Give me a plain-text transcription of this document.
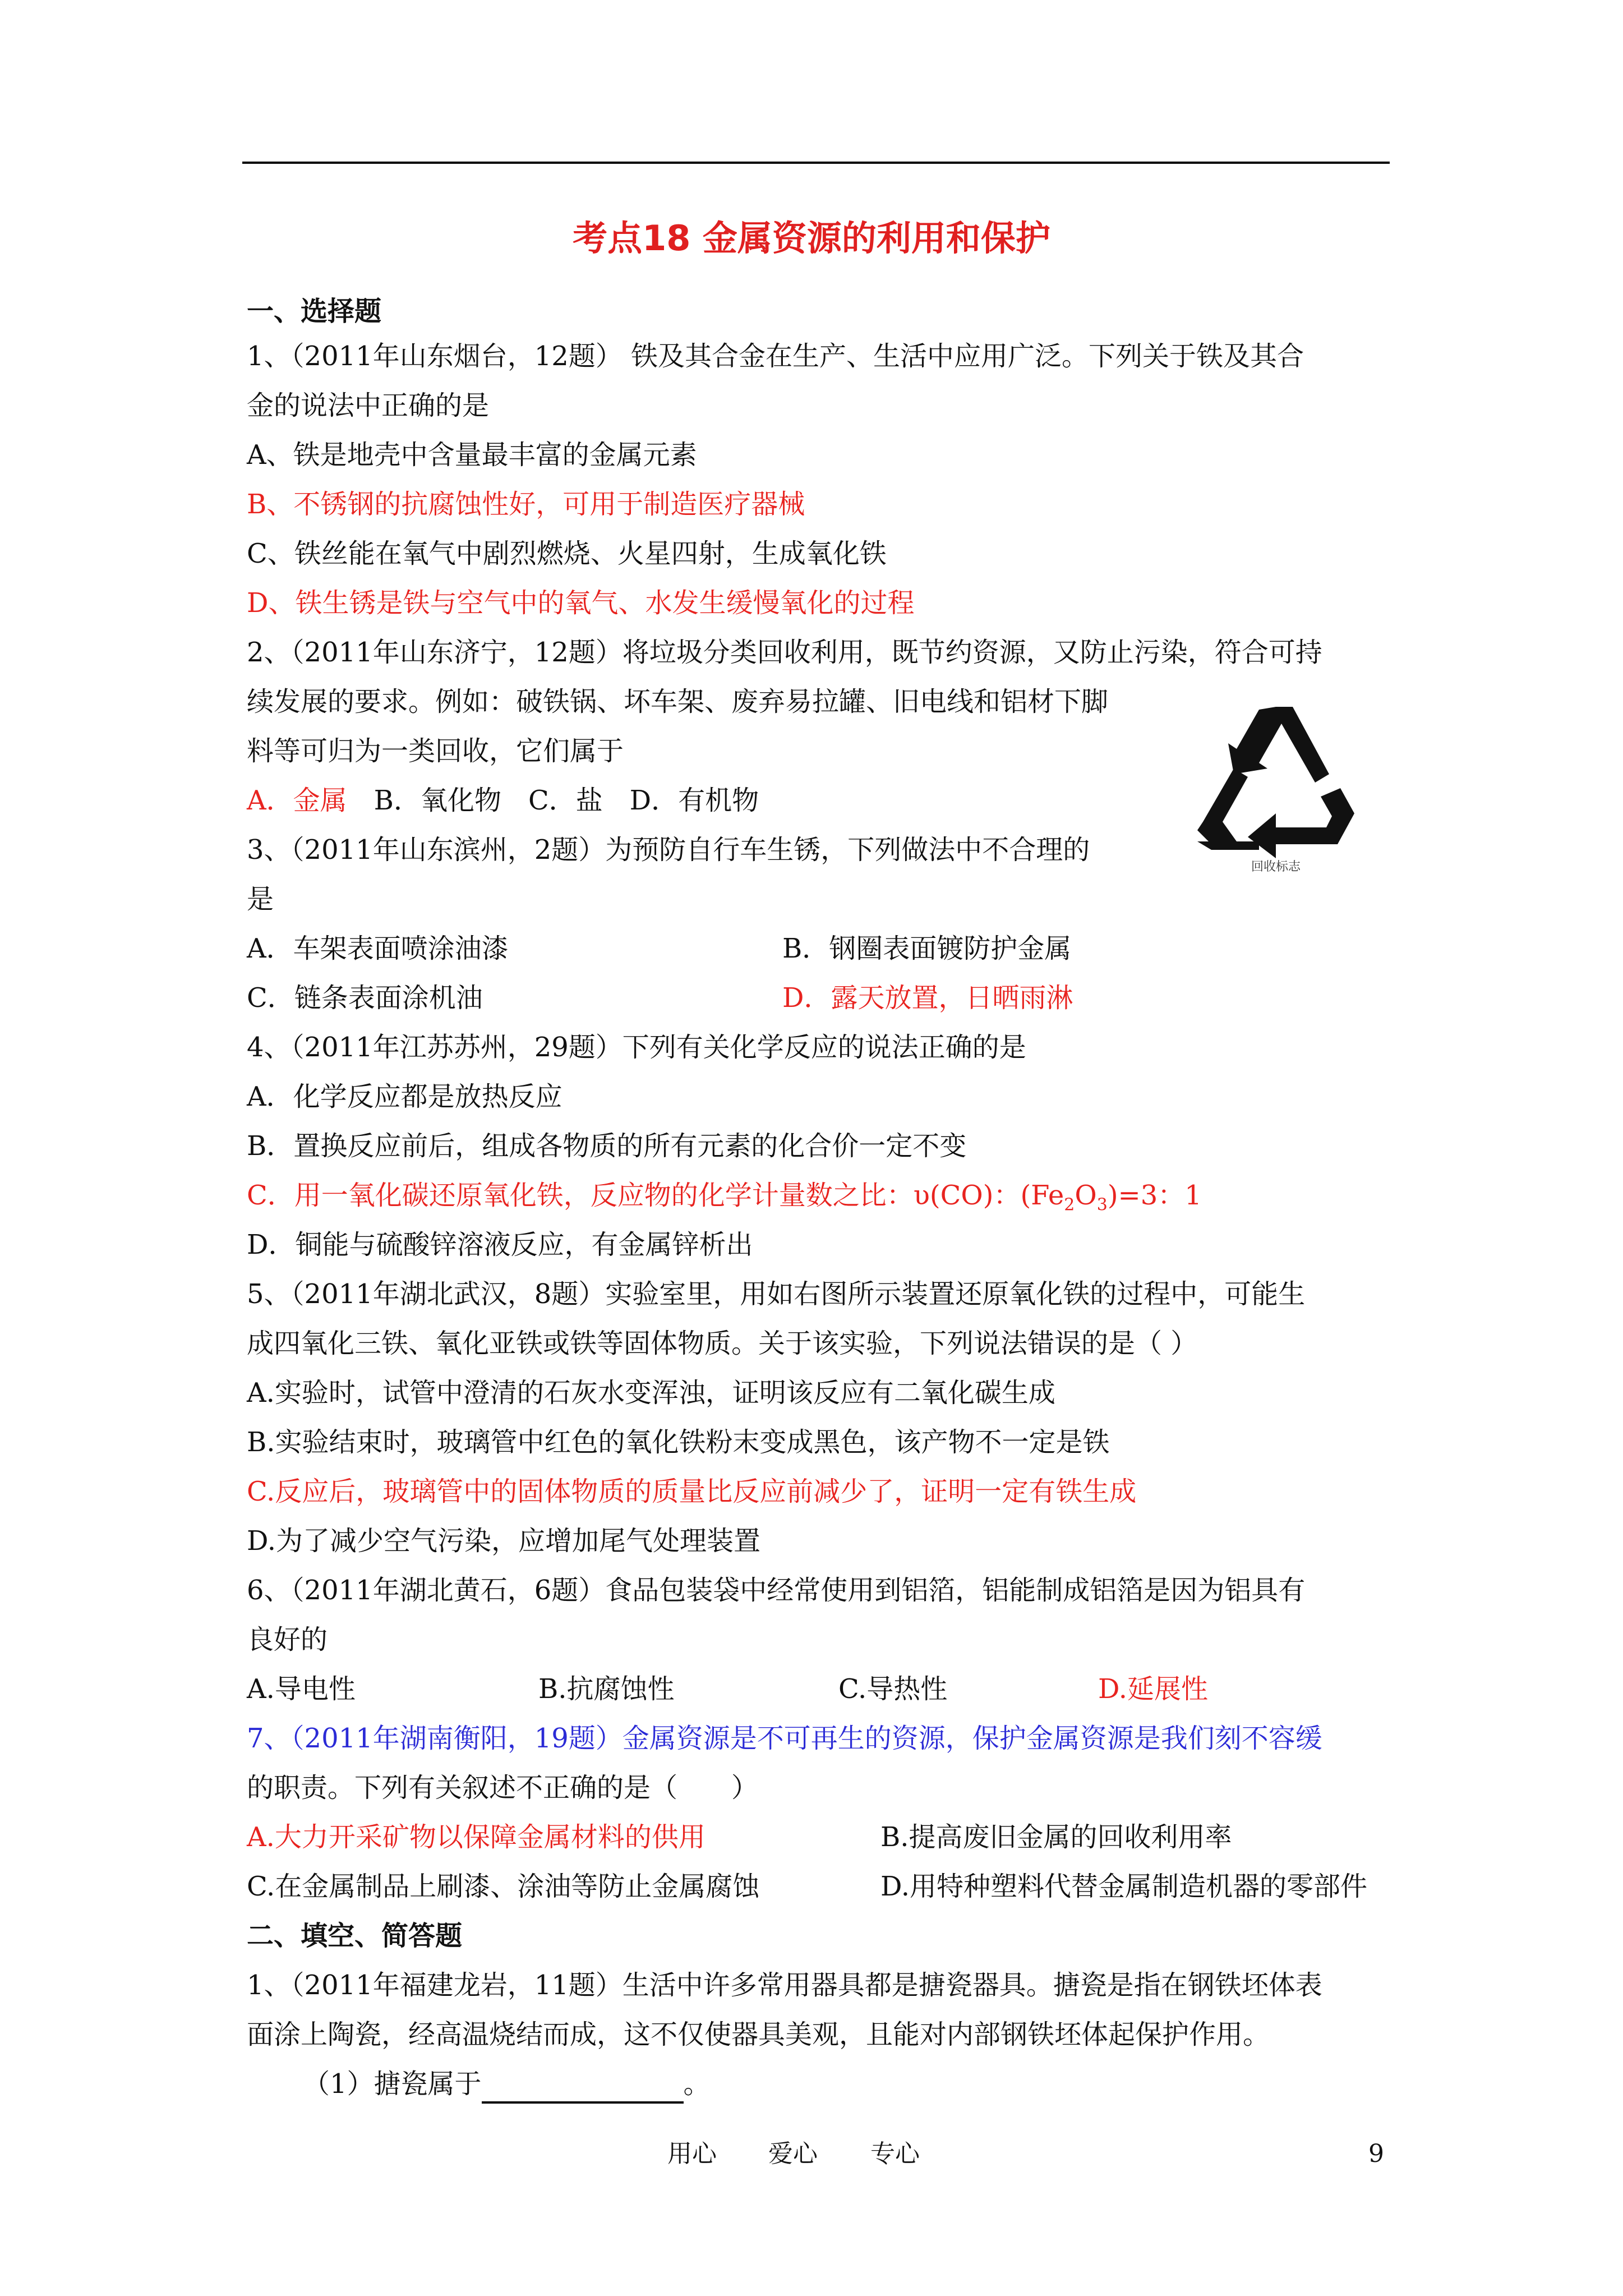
考点18 金属资源的利用和保护
一、选择题
1、（2011年山东烟台，12题） 铁及其合金在生产、生活中应用广泛。下列关于铁及其合
金的说法中正确的是
A、铁是地壳中含量最丰富的金属元素
B、不锈钢的抗腐蚀性好，可用于制造医疗器械
C、铁丝能在氧气中剧烈燃烧、火星四射，生成氧化铁
D、铁生锈是铁与空气中的氧气、水发生缓慢氧化的过程
2、（2011年山东济宁，12题）将垃圾分类回收利用，既节约资源，又防止污染，符合可持
续发展的要求。例如：破铁锅、坏车架、废弃易拉罐、旧电线和铝材下脚
料等可归为一类回收，它们属于
A．金属　B．氧化物　C．盐　D．有机物
回收标志
3、（2011年山东滨州，2题）为预防自行车生锈，下列做法中不合理的
是
A．车架表面喷涂油漆	B．钢圈表面镀防护金属
C．链条表面涂机油	D．露天放置，日晒雨淋
4、（2011年江苏苏州，29题）下列有关化学反应的说法正确的是
A．化学反应都是放热反应
B．置换反应前后，组成各物质的所有元素的化合价一定不变
C．用一氧化碳还原氧化铁，反应物的化学计量数之比：υ(CO)：$(Fe_2O_3)=3$：1
D．铜能与硫酸锌溶液反应，有金属锌析出
5、（2011年湖北武汉，8题）实验室里，用如右图所示装置还原氧化铁的过程中，可能生
成四氧化三铁、氧化亚铁或铁等固体物质。关于该实验，下列说法错误的是（ ）
A.实验时，试管中澄清的石灰水变浑浊，证明该反应有二氧化碳生成
B.实验结束时，玻璃管中红色的氧化铁粉末变成黑色，该产物不一定是铁
C.反应后，玻璃管中的固体物质的质量比反应前减少了，证明一定有铁生成
D.为了减少空气污染，应增加尾气处理装置
6、（2011年湖北黄石，6题）食品包装袋中经常使用到铝箔，铝能制成铝箔是因为铝具有
良好的
A.导电性	B.抗腐蚀性	C.导热性	D.延展性
7、（2011年湖南衡阳，19题）金属资源是不可再生的资源，保护金属资源是我们刻不容缓
的职责。下列有关叙述不正确的是（　　）
A.大力开采矿物以保障金属材料的供用	B.提高废旧金属的回收利用率
C.在金属制品上刷漆、涂油等防止金属腐蚀	D.用特种塑料代替金属制造机器的零部件
二、填空、简答题
1、（2011年福建龙岩，11题）生活中许多常用器具都是搪瓷器具。搪瓷是指在钢铁坯体表
面涂上陶瓷，经高温烧结而成，这不仅使器具美观，且能对内部钢铁坯体起保护作用。
（1）搪瓷属于	。
用心 爱心 专心	9
